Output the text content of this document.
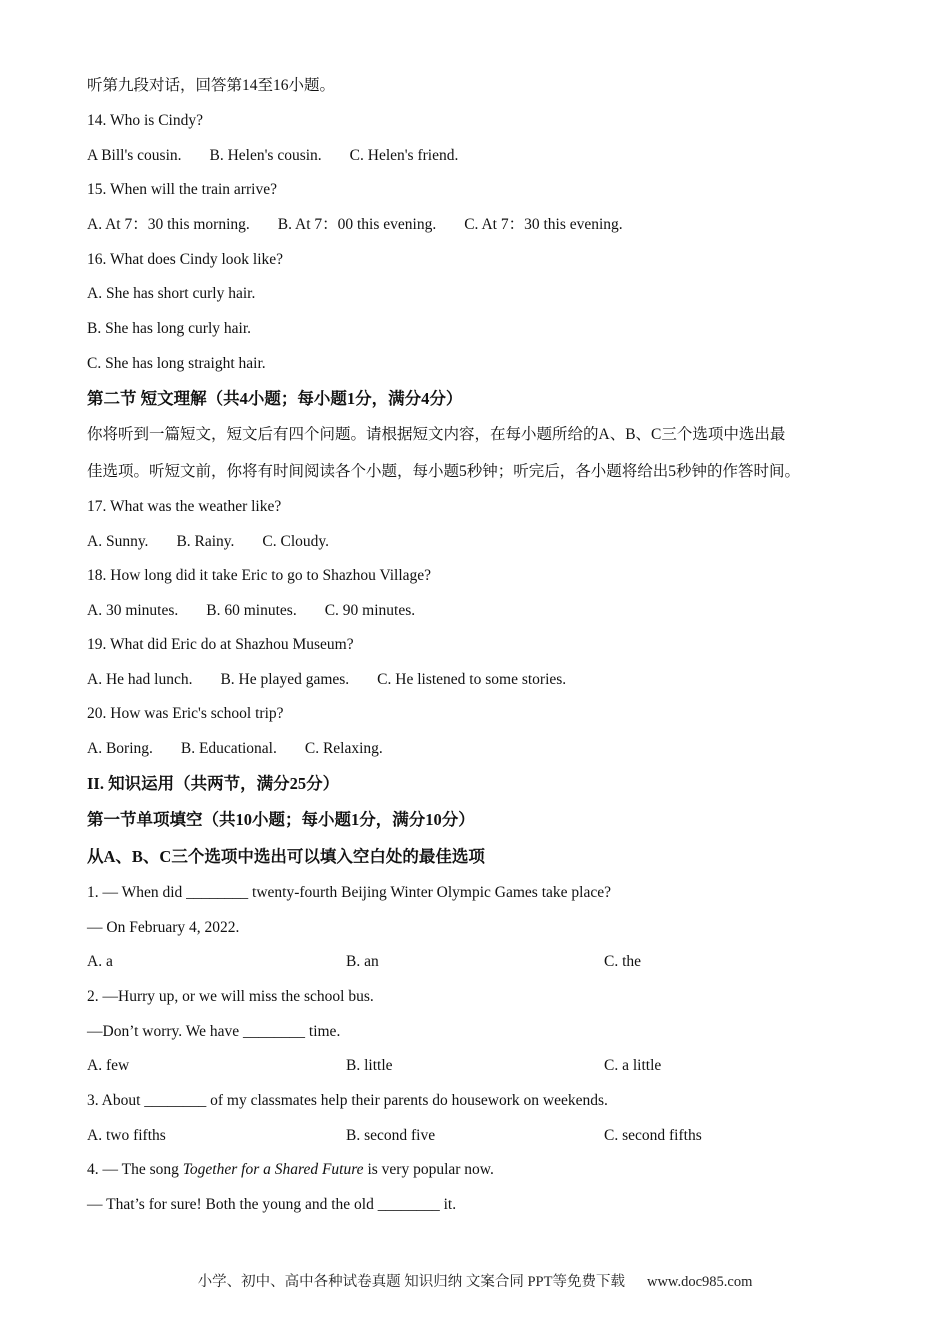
听第九段对话，回答第14至16小题。
14. Who is Cindy?
A Bill's cousin. B. Helen's cousin. C. Helen's friend.
15. When will the train arrive?
A. At 7：30 this morning. B. At 7：00 this evening. C. At 7：30 this evening.
16. What does Cindy look like?
A. She has short curly hair.
B. She has long curly hair.
C. She has long straight hair.
第二节 短文理解（共4小题；每小题1分，满分4分）
你将听到一篇短文，短文后有四个问题。请根据短文内容，在每小题所给的A、B、C三个选项中选出最
佳选项。听短文前，你将有时间阅读各个小题，每小题5秒钟；听完后，各小题将给出5秒钟的作答时间。
17. What was the weather like?
A. Sunny. B. Rainy. C. Cloudy.
18. How long did it take Eric to go to Shazhou Village?
A. 30 minutes. B. 60 minutes. C. 90 minutes.
19. What did Eric do at Shazhou Museum?
A. He had lunch. B. He played games. C. He listened to some stories.
20. How was Eric's school trip?
A. Boring. B. Educational. C. Relaxing.
II. 知识运用（共两节，满分25分）
第一节单项填空（共10小题；每小题1分，满分10分）
从A、B、C三个选项中选出可以填入空白处的最佳选项
1. — When did ________ twenty-fourth Beijing Winter Olympic Games take place?
— On February 4, 2022.
A. a	B. an	C. the
2. —Hurry up, or we will miss the school bus.
—Don’t worry. We have ________ time.
A. few	B. little	C. a little
3. About ________ of my classmates help their parents do housework on weekends.
A. two fifths	B. second five	C. second fifths
4. — The song Together for a Shared Future is very popular now.
— That’s for sure! Both the young and the old ________ it.
小学、初中、高中各种试卷真题 知识归纳 文案合同 PPT等免费下载 www.doc985.com
